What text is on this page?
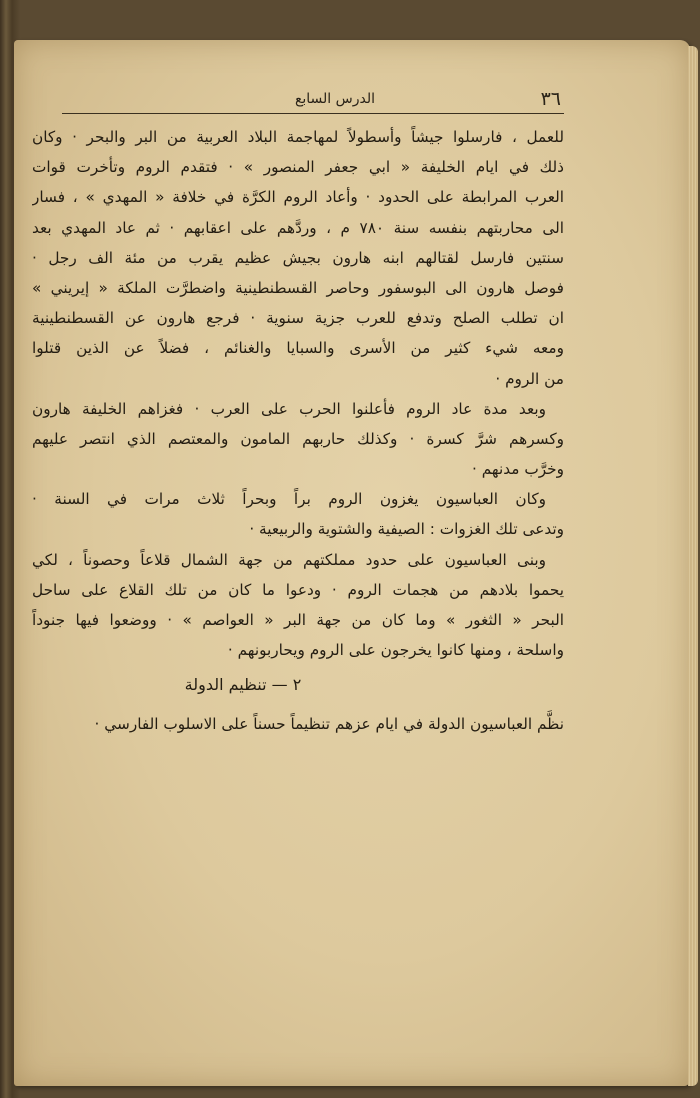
٣٦
الدرس السابع
للعمل ، فارسلوا جيشاً وأسطولاً لمهاجمة البلاد العربية من البر والبحر · وكان
ذلك في ايام الخليفة « ابي جعفر المنصور » · فتقدم الروم وتأخرت قوات
العرب المرابطة على الحدود · وأعاد الروم الكرَّة في خلافة « المهدي » ، فسار
الى محاربتهم بنفسه سنة ٧٨٠ م ، وردَّهم على اعقابهم · ثم عاد المهدي بعد
سنتين فارسل لقتالهم ابنه هارون بجيش عظيم يقرب من مئة الف رجل ·
فوصل هارون الى البوسفور وحاصر القسطنطينية واضطرَّت الملكة « إيريني »
ان تطلب الصلح وتدفع للعرب جزية سنوية · فرجع هارون عن القسطنطينية
ومعه شيء كثير من الأسرى والسبايا والغنائم ، فضلاً عن الذين قتلوا
من الروم ·
وبعد مدة عاد الروم فأعلنوا الحرب على العرب · فغزاهم الخليفة هارون
وكسرهم شرَّ كسرة · وكذلك حاربهم المامون والمعتصم الذي انتصر عليهم
وخرَّب مدنهم ·
وكان العباسيون يغزون الروم براً وبحراً ثلاث مرات في السنة ·
وتدعى تلك الغزوات : الصيفية والشتوية والربيعية ·
وبنى العباسيون على حدود مملكتهم من جهة الشمال قلاعاً وحصوناً ، لكي
يحموا بلادهم من هجمات الروم · ودعوا ما كان من تلك القلاع على ساحل
البحر « الثغور » وما كان من جهة البر « العواصم » · ووضعوا فيها جنوداً
واسلحة ، ومنها كانوا يخرجون على الروم ويحاربونهم ·
٢ — تنظيم الدولة
نظَّم العباسيون الدولة في ايام عزهم تنظيماً حسناً على الاسلوب الفارسي ·
